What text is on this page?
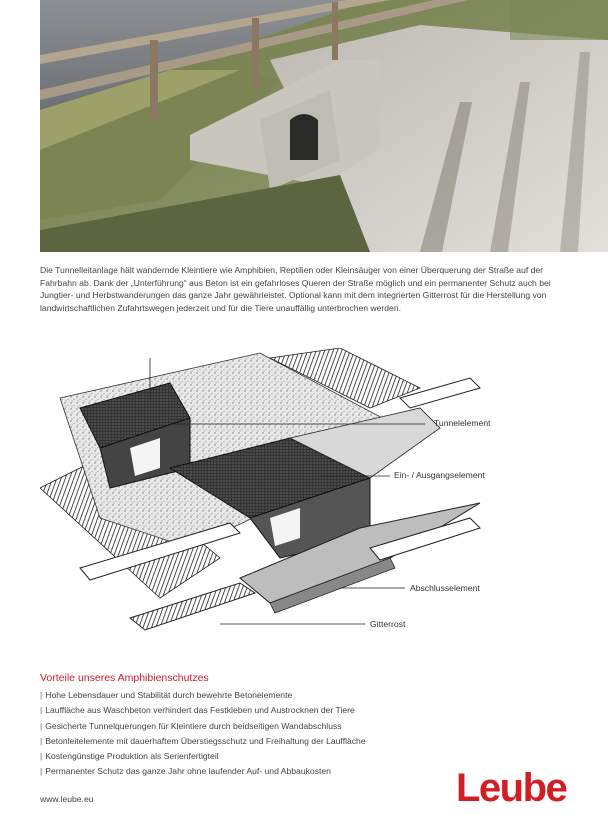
Die Tunnelleitanlage hält wandernde Kleintiere wie Amphibien, Reptilien oder Kleinsäuger von einer Überquerung der Straße auf der Fahrbahn ab. Dank der „Unterführung“ aus Beton ist ein gefahrloses Queren der Straße möglich und ein permanenter Schutz auch bei Jungtier- und Herbstwanderungen das ganze Jahr gewährleistet. Optional kann mit dem integrierten Gitterrost für die Herstellung von landwirtschaftlichen Zufahrtswegen jederzeit und für die Tiere unauffällig unterbrochen werden.

Tunnelelement
Ein- / Ausgangselement
Abschlusselement
Gitterrost
Vorteile unseres Amphibienschutzes
| Hohe Lebensdauer und Stabilität durch bewehrte Betonelemente
| Lauffläche aus Waschbeton verhindert das Festkleben und Austrocknen der Tiere
| Gesicherte Tunnelquerungen für Kleintiere durch beidseitigen Wandabschluss
| Betonleitelemente mit dauerhaftem Überstiegsschutz und Freihaltung der Lauffläche
| Kostengünstige Produktion als Serienfertigteil
| Permanenter Schutz das ganze Jahr ohne laufender Auf- und Abbaukosten
www.leube.eu	Leube
